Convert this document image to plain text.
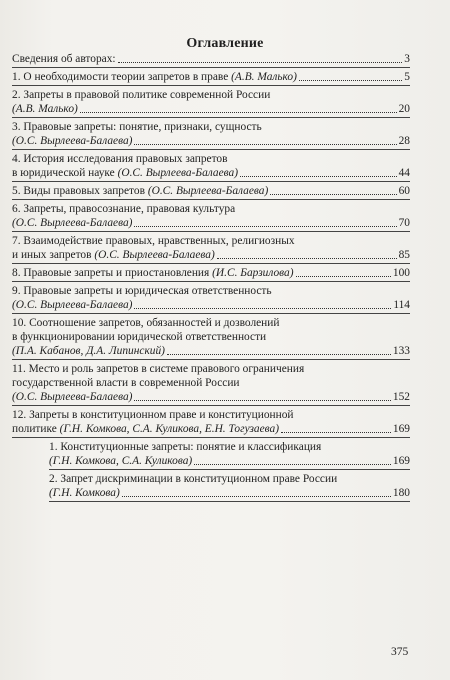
Оглавление
Сведения об авторах:	3
1. О необходимости теории запретов в праве (А.В. Малько)	5
2. Запреты в правовой политике современной России
(А.В. Малько)	20
3. Правовые запреты: понятие, признаки, сущность
(О.С. Вырлеева-Балаева)	28
4. История исследования правовых запретов
в юридической науке (О.С. Вырлеева-Балаева)	44
5. Виды правовых запретов (О.С. Вырлеева-Балаева)	60
6. Запреты, правосознание, правовая культура
(О.С. Вырлеева-Балаева)	70
7. Взаимодействие правовых, нравственных, религиозных
и иных запретов (О.С. Вырлеева-Балаева)	85
8. Правовые запреты и приостановления (И.С. Барзилова)	100
9. Правовые запреты и юридическая ответственность
(О.С. Вырлеева-Балаева)	114
10. Соотношение запретов, обязанностей и дозволений
в функционировании юридической ответственности
(П.А. Кабанов, Д.А. Липинский)	133
11. Место и роль запретов в системе правового ограничения
государственной власти в современной России
(О.С. Вырлеева-Балаева)	152
12. Запреты в конституционном праве и конституционной
политике (Г.Н. Комкова, С.А. Куликова, Е.Н. Тогузаева)	169
1. Конституционные запреты: понятие и классификация
(Г.Н. Комкова, С.А. Куликова)	169
2. Запрет дискриминации в конституционном праве России
(Г.Н. Комкова)	180
375
